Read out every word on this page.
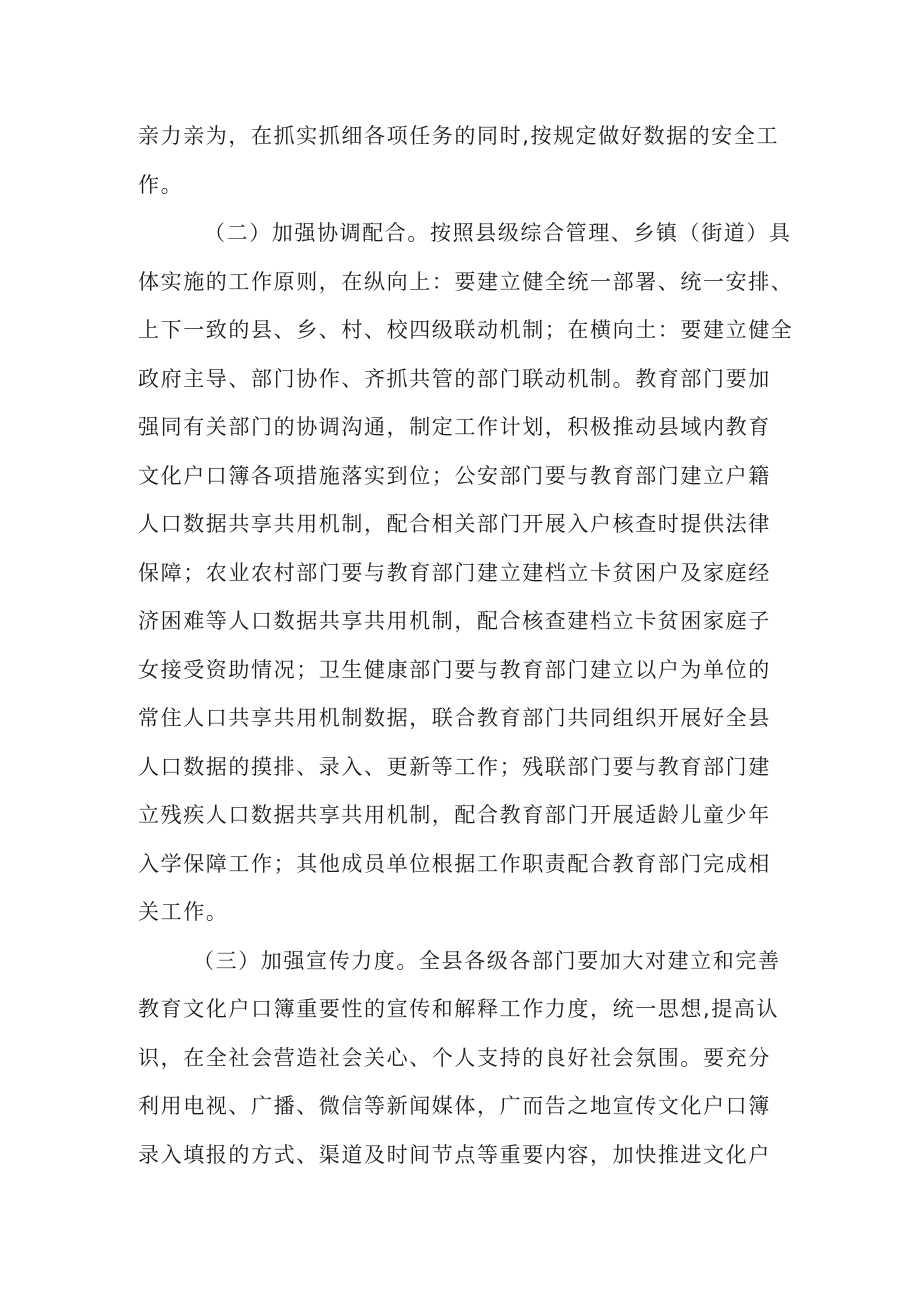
亲力亲为，在抓实抓细各项任务的同时,按规定做好数据的安全工
作。
（二）加强协调配合。按照县级综合管理、乡镇（街道）具
体实施的工作原则，在纵向上：要建立健全统一部署、统一安排、
上下一致的县、乡、村、校四级联动机制；在横向土：要建立健全
政府主导、部门协作、齐抓共管的部门联动机制。教育部门要加
强同有关部门的协调沟通，制定工作计划，积极推动县域内教育
文化户口簿各项措施落实到位；公安部门要与教育部门建立户籍
人口数据共享共用机制，配合相关部门开展入户核查时提供法律
保障；农业农村部门要与教育部门建立建档立卡贫困户及家庭经
济困难等人口数据共享共用机制，配合核查建档立卡贫困家庭子
女接受资助情况；卫生健康部门要与教育部门建立以户为单位的
常住人口共享共用机制数据，联合教育部门共同组织开展好全县
人口数据的摸排、录入、更新等工作；残联部门要与教育部门建
立残疾人口数据共享共用机制，配合教育部门开展适龄儿童少年
入学保障工作；其他成员单位根据工作职责配合教育部门完成相
关工作。
（三）加强宣传力度。全县各级各部门要加大对建立和完善
教育文化户口簿重要性的宣传和解释工作力度，统一思想,提高认
识，在全社会营造社会关心、个人支持的良好社会氛围。要充分
利用电视、广播、微信等新闻媒体，广而告之地宣传文化户口簿
录入填报的方式、渠道及时间节点等重要内容，加快推进文化户
